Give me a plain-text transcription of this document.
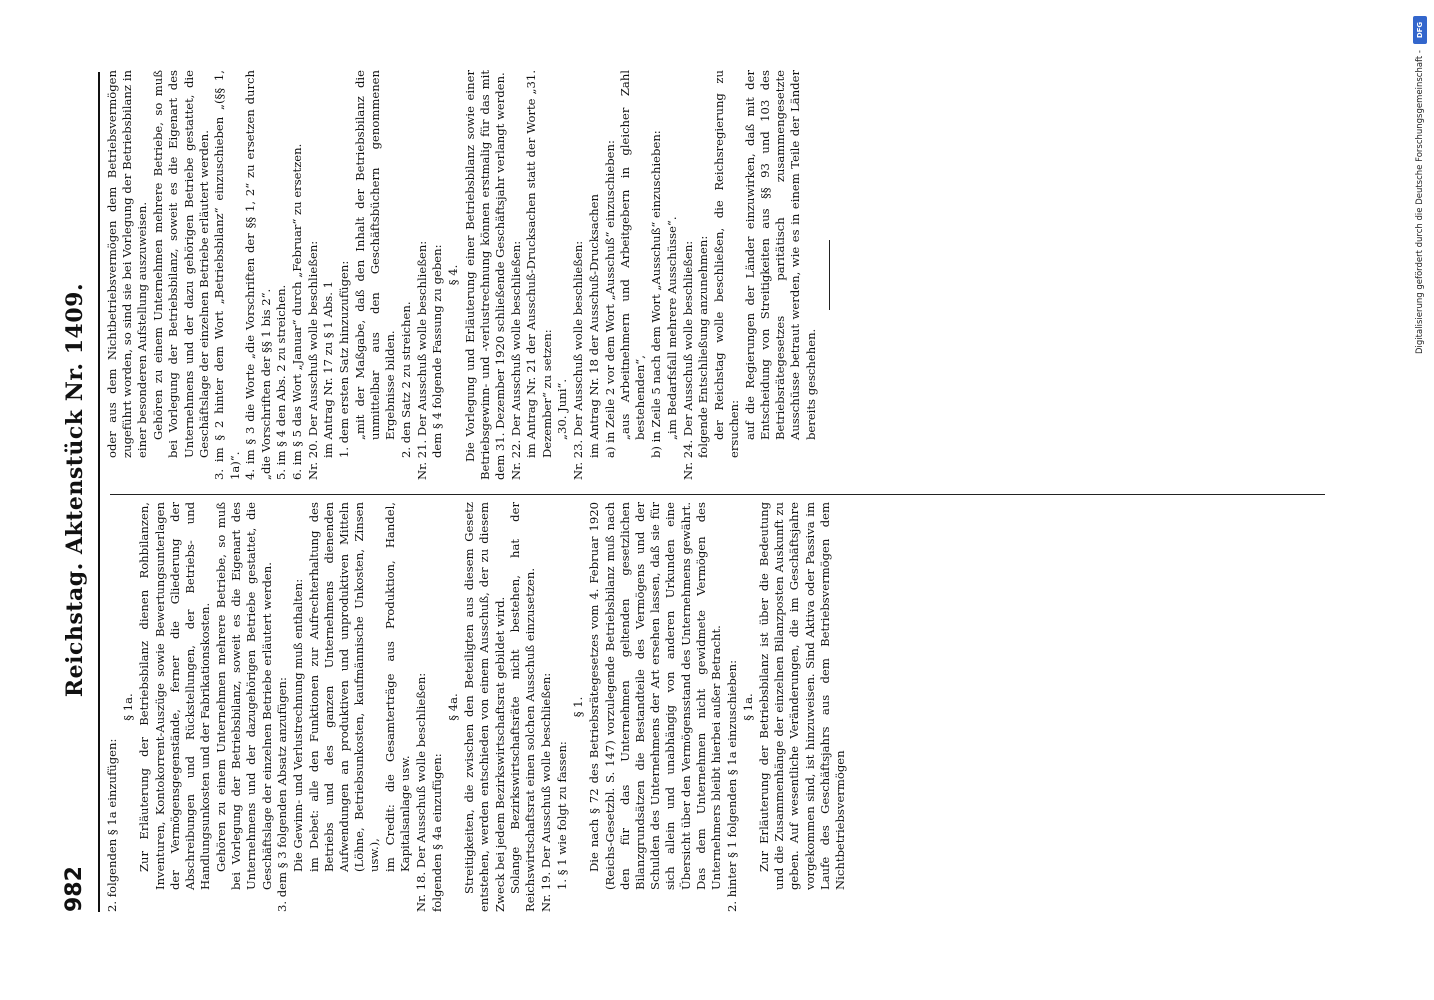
982
Reichstag. Aktenstück Nr. 1409.

2. folgenden § 1a einzufügen:

§ 1a. Zur Erläuterung der Betriebsbilanz dienen Rohbilanzen, Inventuren, Kontokorrent-Auszüge sowie Bewertungsunterlagen der Vermögensgegenstände, ferner die Gliederung der Abschreibungen und Rückstellungen, der Betriebs- und Handlungsunkosten und der Fabrikationskosten. Gehören zu einem Unternehmen mehrere Betriebe, so muß bei Vorlegung der Betriebsbilanz, soweit es die Eigenart des Unternehmens und der dazugehörigen Betriebe gestattet, die Geschäftslage der einzelnen Betriebe erläutert werden. 3. dem § 3 folgenden Absatz anzufügen: Die Gewinn- und Verlustrechnung muß enthalten: im Debet: alle den Funktionen zur Aufrechterhaltung des Betriebs und des ganzen Unternehmens dienenden Aufwendungen an produktiven und unproduktiven Mitteln (Löhne, Betriebsunkosten, kaufmännische Unkosten, Zinsen usw.), im Credit: die Gesamterträge aus Produktion, Handel, Kapitalsanlage usw. Nr. 18. Der Ausschuß wolle beschließen: folgenden § 4a einzufügen:

§ 4a. Streitigkeiten, die zwischen den Beteiligten aus diesem Gesetz entstehen, werden entschieden von einem Ausschuß, der zu diesem Zweck bei jedem Bezirkswirtschaftsrat gebildet wird. Solange Bezirkswirtschaftsräte nicht bestehen, hat der Reichswirtschaftsrat einen solchen Ausschuß einzusetzen. Nr. 19. Der Ausschuß wolle beschließen: 1. § 1 wie folgt zu fassen:

§ 1. Die nach § 72 des Betriebsrätegesetzes vom 4. Februar 1920 (Reichs-Gesetzbl. S. 147) vorzulegende Betriebsbilanz muß nach den für das Unternehmen geltenden gesetzlichen Bilanzgrundsätzen die Bestandteile des Vermögens und der Schulden des Unternehmens der Art ersehen lassen, daß sie für sich allein und unabhängig von anderen Urkunden eine Übersicht über den Vermögensstand des Unternehmens gewährt. Das dem Unternehmen nicht gewidmete Vermögen des Unternehmers bleibt hierbei außer Betracht. 2. hinter § 1 folgenden § 1a einzuschieben: § 1a. Zur Erläuterung der Betriebsbilanz ist über die Bedeutung und die Zusammenhänge der einzelnen Bilanzposten Auskunft zu geben. Auf wesentliche Veränderungen, die im Geschäftsjahre vorgekommen sind, ist hinzuweisen. Sind Aktiva oder Passiva im Laufe des Geschäftsjahrs aus dem Betriebsvermögen dem Nichtbetriebsvermögen

oder aus dem Nichtbetriebsvermögen dem Betriebsvermögen zugeführt worden, so sind sie bei Vorlegung der Betriebsbilanz in einer besonderen Aufstellung auszuweisen. Gehören zu einem Unternehmen mehrere Betriebe, so muß bei Vorlegung der Betriebsbilanz, soweit es die Eigenart des Unternehmens und der dazu gehörigen Betriebe gestattet, die Geschäftslage der einzelnen Betriebe erläutert werden. 3. im § 2 hinter dem Wort „Betriebsbilanz“ einzuschieben „(§§ 1, 1a)“. 4. im § 3 die Worte „die Vorschriften der §§ 1, 2“ zu ersetzen durch „die Vorschriften der §§ 1 bis 2“. 5. im § 4 den Abs. 2 zu streichen. 6. im § 5 das Wort „Januar“ durch „Februar“ zu ersetzen. Nr. 20. Der Ausschuß wolle beschließen: im Antrag Nr. 17 zu § 1 Abs. 1 1. dem ersten Satz hinzuzufügen: „mit der Maßgabe, daß den Inhalt der Betriebsbilanz die unmittelbar aus den Geschäftsbüchern genommenen Ergebnisse bilden. 2. den Satz 2 zu streichen. Nr. 21. Der Ausschuß wolle beschließen: dem § 4 folgende Fassung zu geben: § 4. Die Vorlegung und Erläuterung einer Betriebsbilanz sowie einer Betriebsgewinn- und -verlustrechnung können erstmalig für das mit dem 31. Dezember 1920 schließende Geschäftsjahr verlangt werden. Nr. 22. Der Ausschuß wolle beschließen: im Antrag Nr. 21 der Ausschuß-Drucksachen statt der Worte „31. Dezember“ zu setzen: „30. Juni“. Nr. 23. Der Ausschuß wolle beschließen: im Antrag Nr. 18 der Ausschuß-Drucksachen a) in Zeile 2 vor dem Wort „Ausschuß“ einzuschieben: „aus Arbeitnehmern und Arbeitgebern in gleicher Zahl bestehenden“, b) in Zeile 5 nach dem Wort „Ausschuß“ einzuschieben: „im Bedarfsfall mehrere Ausschüsse“. Nr. 24. Der Ausschuß wolle beschließen: folgende Entschließung anzunehmen: der Reichstag wolle beschließen, die Reichsregierung zu ersuchen: auf die Regierungen der Länder einzuwirken, daß mit der Entscheidung von Streitigkeiten aus §§ 93 und 103 des Betriebsrätegesetzes paritätisch zusammengesetzte Ausschüsse betraut werden, wie es in einem Teile der Länder bereits geschehen.

DFG
Digitalisierung gefördert durch die Deutsche Forschungsgemeinschaft -
